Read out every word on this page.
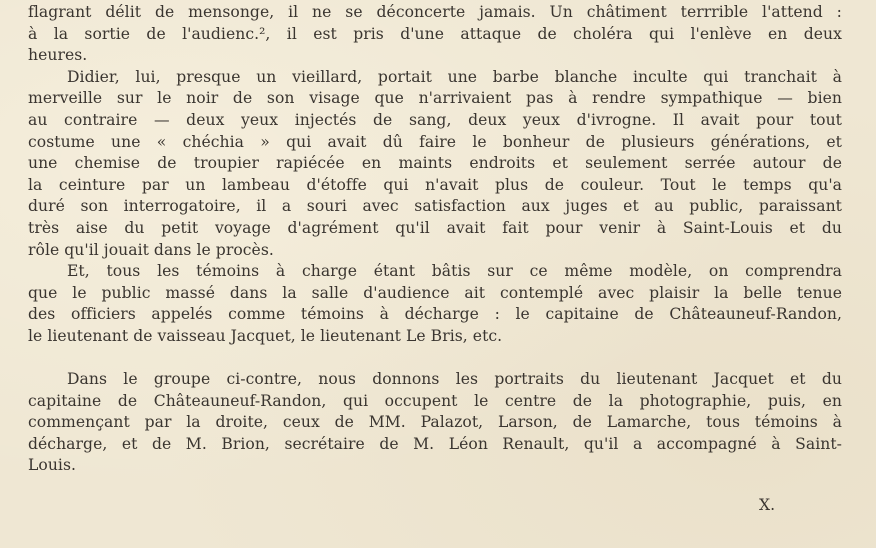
flagrant délit de mensonge, il ne se déconcerte jamais. Un châtiment terrrible l'attend :
à la sortie de l'audienc.², il est pris d'une attaque de choléra qui l'enlève en deux
heures.
Didier, lui, presque un vieillard, portait une barbe blanche inculte qui tranchait à
merveille sur le noir de son visage que n'arrivaient pas à rendre sympathique — bien
au contraire — deux yeux injectés de sang, deux yeux d'ivrogne. Il avait pour tout
costume une « chéchia » qui avait dû faire le bonheur de plusieurs générations, et
une chemise de troupier rapiécée en maints endroits et seulement serrée autour de
la ceinture par un lambeau d'étoffe qui n'avait plus de couleur. Tout le temps qu'a
duré son interrogatoire, il a souri avec satisfaction aux juges et au public, paraissant
très aise du petit voyage d'agrément qu'il avait fait pour venir à Saint-Louis et du
rôle qu'il jouait dans le procès.
Et, tous les témoins à charge étant bâtis sur ce même modèle, on comprendra
que le public massé dans la salle d'audience ait contemplé avec plaisir la belle tenue
des officiers appelés comme témoins à décharge : le capitaine de Châteauneuf-Randon,
le lieutenant de vaisseau Jacquet, le lieutenant Le Bris, etc.
Dans le groupe ci-contre, nous donnons les portraits du lieutenant Jacquet et du
capitaine de Châteauneuf-Randon, qui occupent le centre de la photographie, puis, en
commençant par la droite, ceux de MM. Palazot, Larson, de Lamarche, tous témoins à
décharge, et de M. Brion, secrétaire de M. Léon Renault, qu'il a accompagné à Saint-
Louis.
X.
